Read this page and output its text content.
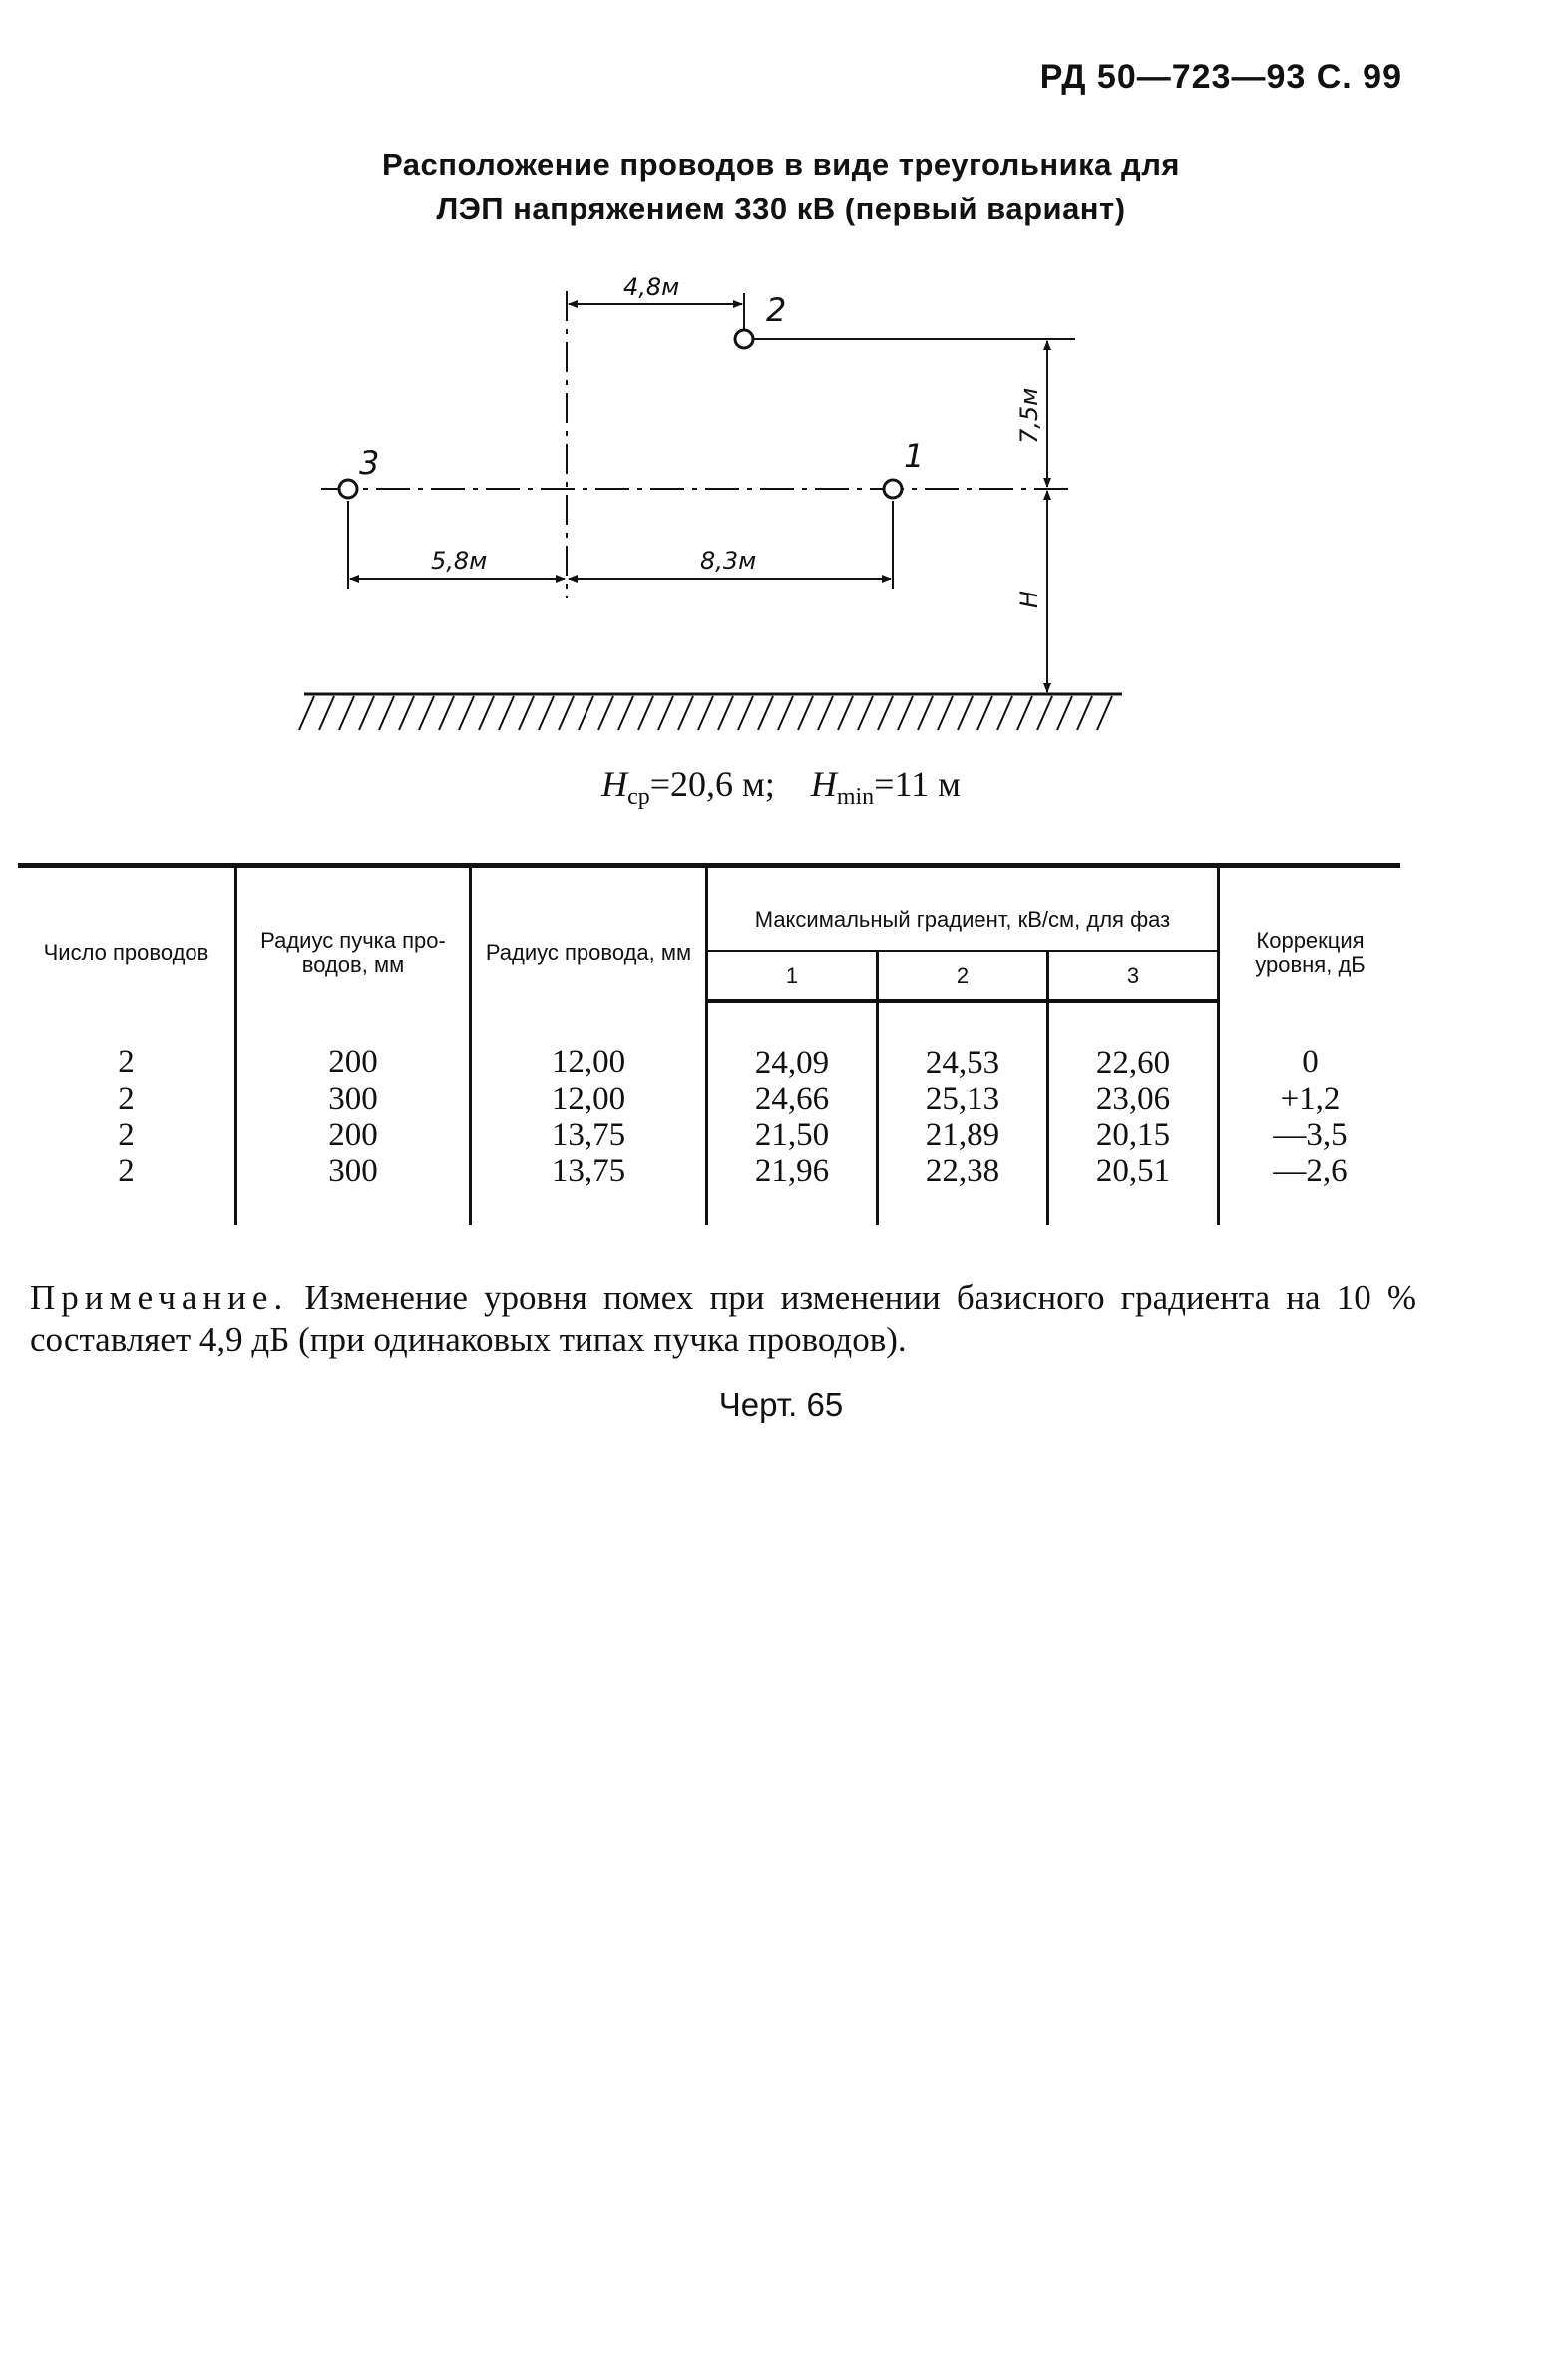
РД 50—723—93 С. 99
Расположение проводов в виде треугольника для
ЛЭП напряжением 330 кВ (первый вариант)
2
3	1
4,8м
5,8м	8,3м
7,5м
H
$H_{ср}=20,6$ м; $H_{min}=11$ м
Число проводов	Радиус пучка про-водов, мм	Радиус провода, мм	Максимальный градиент, кВ/см, для фаз			Коррекция уровня, дБ
			1	2	3	
2	200	12,00	24,09	24,53	22,60	0
2	300	12,00	24,66	25,13	23,06	+1,2
2	200	13,75	21,50	21,89	20,15	—3,5
2	300	13,75	21,96	22,38	20,51	—2,6
Примечание. Изменение уровня помех при изменении базисного градиента на 10 % составляет 4,9 дБ (при одинаковых типах пучка проводов).
Черт. 65
